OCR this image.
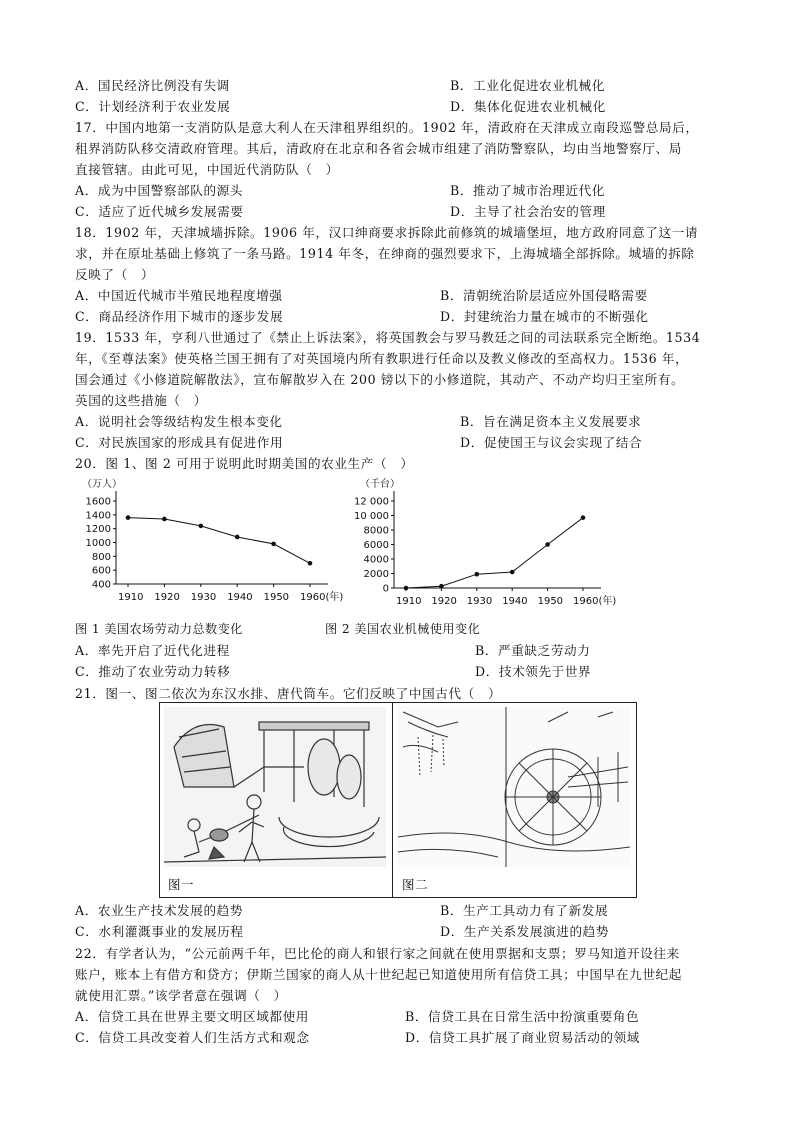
A．国民经济比例没有失调	B．工业化促进农业机械化
C．计划经济利于农业发展	D．集体化促进农业机械化
17．中国内地第一支消防队是意大利人在天津租界组织的。1902 年，清政府在天津成立南段巡警总局后，
租界消防队移交清政府管理。其后，清政府在北京和各省会城市组建了消防警察队，均由当地警察厅、局
直接管辖。由此可见，中国近代消防队（　）
A．成为中国警察部队的源头	B．推动了城市治理近代化
C．适应了近代城乡发展需要	D．主导了社会治安的管理
18．1902 年，天津城墙拆除。1906 年，汉口绅商要求拆除此前修筑的城墙堡垣，地方政府同意了这一请
求，并在原址基础上修筑了一条马路。1914 年冬，在绅商的强烈要求下，上海城墙全部拆除。城墙的拆除
反映了（　）
A．中国近代城市半殖民地程度增强	B．清朝统治阶层适应外国侵略需要
C．商品经济作用下城市的逐步发展	D．封建统治力量在城市的不断强化
19．1533 年，亨利八世通过了《禁止上诉法案》，将英国教会与罗马教廷之间的司法联系完全断绝。1534
年，《至尊法案》使英格兰国王拥有了对英国境内所有教职进行任命以及教义修改的至高权力。1536 年，
国会通过《小修道院解散法》，宣布解散岁入在 200 镑以下的小修道院，其动产、不动产均归王室所有。
英国的这些措施（　）
A．说明社会等级结构发生根本变化	B．旨在满足资本主义发展要求
C．对民族国家的形成具有促进作用	D．促使国王与议会实现了结合
20．图 1、图 2 可用于说明此时期美国的农业生产（　）
（万人）
1600
1400
1200
1000
800
600
400
1910 1920 1930 1940 1950 1960(年)
（千台）
12 000
10 000
8000
6000
4000
2000
0
1910 1920 1930 1940 1950 1960(年)
图 1 美国农场劳动力总数变化	图 2 美国农业机械使用变化
A．率先开启了近代化进程	B．严重缺乏劳动力
C．推动了农业劳动力转移	D．技术领先于世界
21．图一、图二依次为东汉水排、唐代筒车。它们反映了中国古代（　）
图一	图二
A．农业生产技术发展的趋势	B．生产工具动力有了新发展
C．水利灌溉事业的发展历程	D．生产关系发展演进的趋势
22．有学者认为，“公元前两千年，巴比伦的商人和银行家之间就在使用票据和支票；罗马知道开设往来
账户，账本上有借方和贷方；伊斯兰国家的商人从十世纪起已知道使用所有信贷工具；中国早在九世纪起
就使用汇票。”该学者意在强调（　）
A．信贷工具在世界主要文明区域都使用	B．信贷工具在日常生活中扮演重要角色
C．信贷工具改变着人们生活方式和观念	D．信贷工具扩展了商业贸易活动的领域
